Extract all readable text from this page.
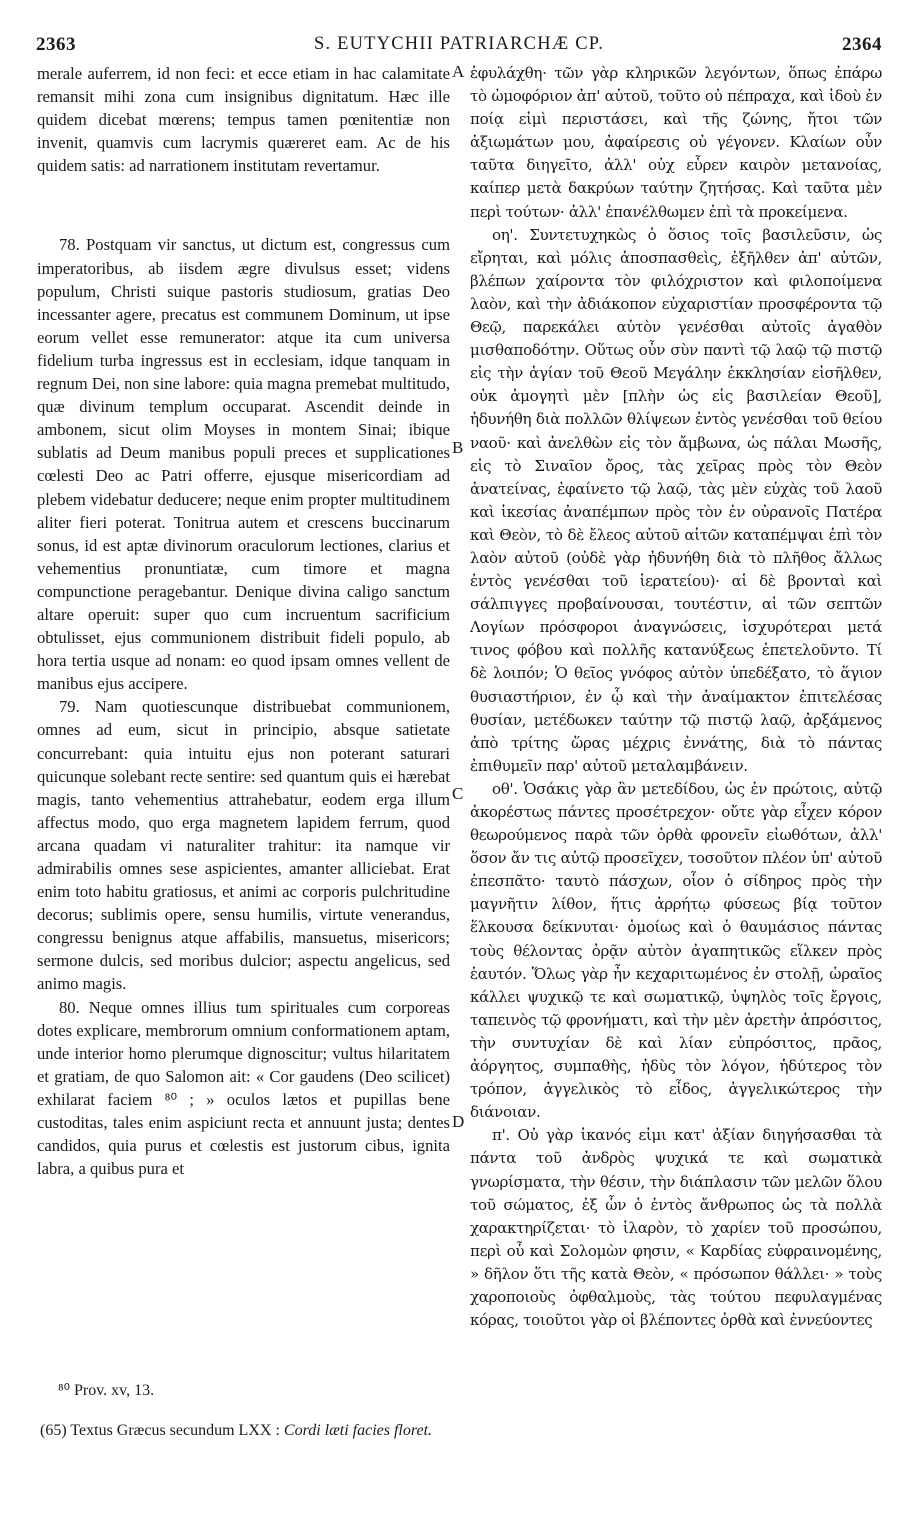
2363	S. EUTYCHII PATRIARCHÆ CP.	2364

merale auferrem, id non feci: et ecce etiam in hac calamitate remansit mihi zona cum insignibus dignitatum. Hæc ille quidem dicebat mœrens; tempus tamen pœnitentiæ non invenit, quamvis cum lacrymis quæreret eam. Ac de his quidem satis: ad narrationem institutam revertamur.

78. Postquam vir sanctus, ut dictum est, congressus cum imperatoribus, ab iisdem ægre divulsus esset; videns populum, Christi suique pastoris studiosum, gratias Deo incessanter agere, precatus est communem Dominum, ut ipse eorum vellet esse remunerator: atque ita cum universa fidelium turba ingressus est in ecclesiam, idque tanquam in regnum Dei, non sine labore: quia magna premebat multitudo, quæ divinum templum occuparat. Ascendit deinde in ambonem, sicut olim Moyses in montem Sinai; ibique sublatis ad Deum manibus populi preces et supplicationes cœlesti Deo ac Patri offerre, ejusque misericordiam ad plebem videbatur deducere; neque enim propter multitudinem aliter fieri poterat. Tonitrua autem et crescens buccinarum sonus, id est aptæ divinorum oraculorum lectiones, clarius et vehementius pronuntiatæ, cum timore et magna compunctione peragebantur. Denique divina caligo sanctum altare operuit: super quo cum incruentum sacrificium obtulisset, ejus communionem distribuit fideli populo, ab hora tertia usque ad nonam: eo quod ipsam omnes vellent de manibus ejus accipere.

79. Nam quotiescunque distribuebat communionem, omnes ad eum, sicut in principio, absque satietate concurrebant: quia intuitu ejus non poterant saturari quicunque solebant recte sentire: sed quantum quis ei hærebat magis, tanto vehementius attrahebatur, eodem erga illum affectus modo, quo erga magnetem lapidem ferrum, quod arcana quadam vi naturaliter trahitur: ita namque vir admirabilis omnes sese aspicientes, amanter alliciebat. Erat enim toto habitu gratiosus, et animi ac corporis pulchritudine decorus; sublimis opere, sensu humilis, virtute venerandus, congressu benignus atque affabilis, mansuetus, misericors; sermone dulcis, sed moribus dulcior; aspectu angelicus, sed animo magis.

80. Neque omnes illius tum spirituales cum corporeas dotes explicare, membrorum omnium conformationem aptam, unde interior homo plerumque dignoscitur; vultus hilaritatem et gratiam, de quo Salomon ait: « Cor gaudens (Deo scilicet) exhilarat faciem ⁸⁰ ; » oculos lætos et pupillas bene custoditas, tales enim aspiciunt recta et annuunt justa; dentes candidos, quia purus et cœlestis est justorum cibus, ignita labra, a quibus pura et

ἐφυλάχθη· τῶν γὰρ κληρικῶν λεγόντων, ὅπως ἐπάρω τὸ ὠμοφόριον ἀπ' αὐτοῦ, τοῦτο οὐ πέπραχα, καὶ ἰδοὺ ἐν ποίᾳ εἰμὶ περιστάσει, καὶ τῆς ζώνης, ἤτοι τῶν ἀξιωμάτων μου, ἀφαίρεσις οὐ γέγονεν. Κλαίων οὖν ταῦτα διηγεῖτο, ἀλλ' οὐχ εὗρεν καιρὸν μετανοίας, καίπερ μετὰ δακρύων ταύτην ζητήσας. Καὶ ταῦτα μὲν περὶ τούτων· ἀλλ' ἐπανέλθωμεν ἐπὶ τὰ προκείμενα.

οη'. Συντετυχηκὼς ὁ ὅσιος τοῖς βασιλεῦσιν, ὡς εἴρηται, καὶ μόλις ἀποσπασθεὶς, ἐξῆλθεν ἀπ' αὐτῶν, βλέπων χαίροντα τὸν φιλόχριστον καὶ φιλοποίμενα λαὸν, καὶ τὴν ἀδιάκοπον εὐχαριστίαν προσφέροντα τῷ Θεῷ, παρεκάλει αὐτὸν γενέσθαι αὐτοῖς ἀγαθὸν μισθαποδότην. Οὕτως οὖν σὺν παντὶ τῷ λαῷ τῷ πιστῷ εἰς τὴν ἁγίαν τοῦ Θεοῦ Μεγάλην ἐκκλησίαν εἰσῆλθεν, οὐκ ἀμογητὶ μὲν [πλὴν ὡς εἰς βασιλείαν Θεοῦ], ἠδυνήθη διὰ πολλῶν θλίψεων ἐντὸς γενέσθαι τοῦ θείου ναοῦ· καὶ ἀνελθὼν εἰς τὸν ἄμβωνα, ὡς πάλαι Μωσῆς, εἰς τὸ Σιναῖον ὄρος, τὰς χεῖρας πρὸς τὸν Θεὸν ἀνατείνας, ἐφαίνετο τῷ λαῷ, τὰς μὲν εὐχὰς τοῦ λαοῦ καὶ ἱκεσίας ἀναπέμπων πρὸς τὸν ἐν οὐρανοῖς Πατέρα καὶ Θεὸν, τὸ δὲ ἔλεος αὐτοῦ αἰτῶν καταπέμψαι ἐπὶ τὸν λαὸν αὐτοῦ (οὐδὲ γὰρ ἠδυνήθη διὰ τὸ πλῆθος ἄλλως ἐντὸς γενέσθαι τοῦ ἱερατείου)· αἱ δὲ βρονταὶ καὶ σάλπιγγες προβαίνουσαι, τουτέστιν, αἱ τῶν σεπτῶν Λογίων πρόσφοροι ἀναγνώσεις, ἰσχυρότεραι μετά τινος φόβου καὶ πολλῆς κατανύξεως ἐπετελοῦντο. Τί δὲ λοιπόν; Ὁ θεῖος γνόφος αὐτὸν ὑπεδέξατο, τὸ ἅγιον θυσιαστήριον, ἐν ᾧ καὶ τὴν ἀναίμακτον ἐπιτελέσας θυσίαν, μετέδωκεν ταύτην τῷ πιστῷ λαῷ, ἀρξάμενος ἀπὸ τρίτης ὥρας μέχρις ἐννάτης, διὰ τὸ πάντας ἐπιθυμεῖν παρ' αὐτοῦ μεταλαμβάνειν.

οθ'. Ὁσάκις γὰρ ἂν μετεδίδου, ὡς ἐν πρώτοις, αὐτῷ ἀκορέστως πάντες προσέτρεχον· οὔτε γὰρ εἶχεν κόρον θεωρούμενος παρὰ τῶν ὀρθὰ φρονεῖν εἰωθότων, ἀλλ' ὅσον ἄν τις αὐτῷ προσεῖχεν, τοσοῦτον πλέον ὑπ' αὐτοῦ ἐπεσπᾶτο· ταυτὸ πάσχων, οἷον ὁ σίδηρος πρὸς τὴν μαγνῆτιν λίθον, ἥτις ἀρρήτῳ φύσεως βίᾳ τοῦτον ἕλκουσα δείκνυται· ὁμοίως καὶ ὁ θαυμάσιος πάντας τοὺς θέλοντας ὁρᾷν αὐτὸν ἀγαπητικῶς εἵλκεν πρὸς ἑαυτόν. Ὅλως γὰρ ἦν κεχαριτωμένος ἐν στολῇ, ὡραῖος κάλλει ψυχικῷ τε καὶ σωματικῷ, ὑψηλὸς τοῖς ἔργοις, ταπεινὸς τῷ φρονήματι, καὶ τὴν μὲν ἀρετὴν ἀπρόσιτος, τὴν συντυχίαν δὲ καὶ λίαν εὐπρόσιτος, πρᾶος, ἀόργητος, συμπαθὴς, ἡδὺς τὸν λόγον, ἡδύτερος τὸν τρόπον, ἀγγελικὸς τὸ εἶδος, ἀγγελικώτερος τὴν διάνοιαν.

π'. Οὐ γὰρ ἱκανός εἰμι κατ' ἀξίαν διηγήσασθαι τὰ πάντα τοῦ ἀνδρὸς ψυχικά τε καὶ σωματικὰ γνωρίσματα, τὴν θέσιν, τὴν διάπλασιν τῶν μελῶν ὅλου τοῦ σώματος, ἐξ ὧν ὁ ἐντὸς ἄνθρωπος ὡς τὰ πολλὰ χαρακτηρίζεται· τὸ ἱλαρὸν, τὸ χαρίεν τοῦ προσώπου, περὶ οὗ καὶ Σολομὼν φησιν, « Καρδίας εὐφραινομένης, » δῆλον ὅτι τῆς κατὰ Θεὸν, « πρόσωπον θάλλει· » τοὺς χαροποιοὺς ὀφθαλμοὺς, τὰς τούτου πεφυλαγμένας κόρας, τοιοῦτοι γὰρ οἱ βλέποντες ὀρθὰ καὶ ἐννεύοντες

A
B
C
D

⁸⁰ Prov. xv, 13.

(65) Textus Græcus secundum LXX : Cordi læti facies floret.
